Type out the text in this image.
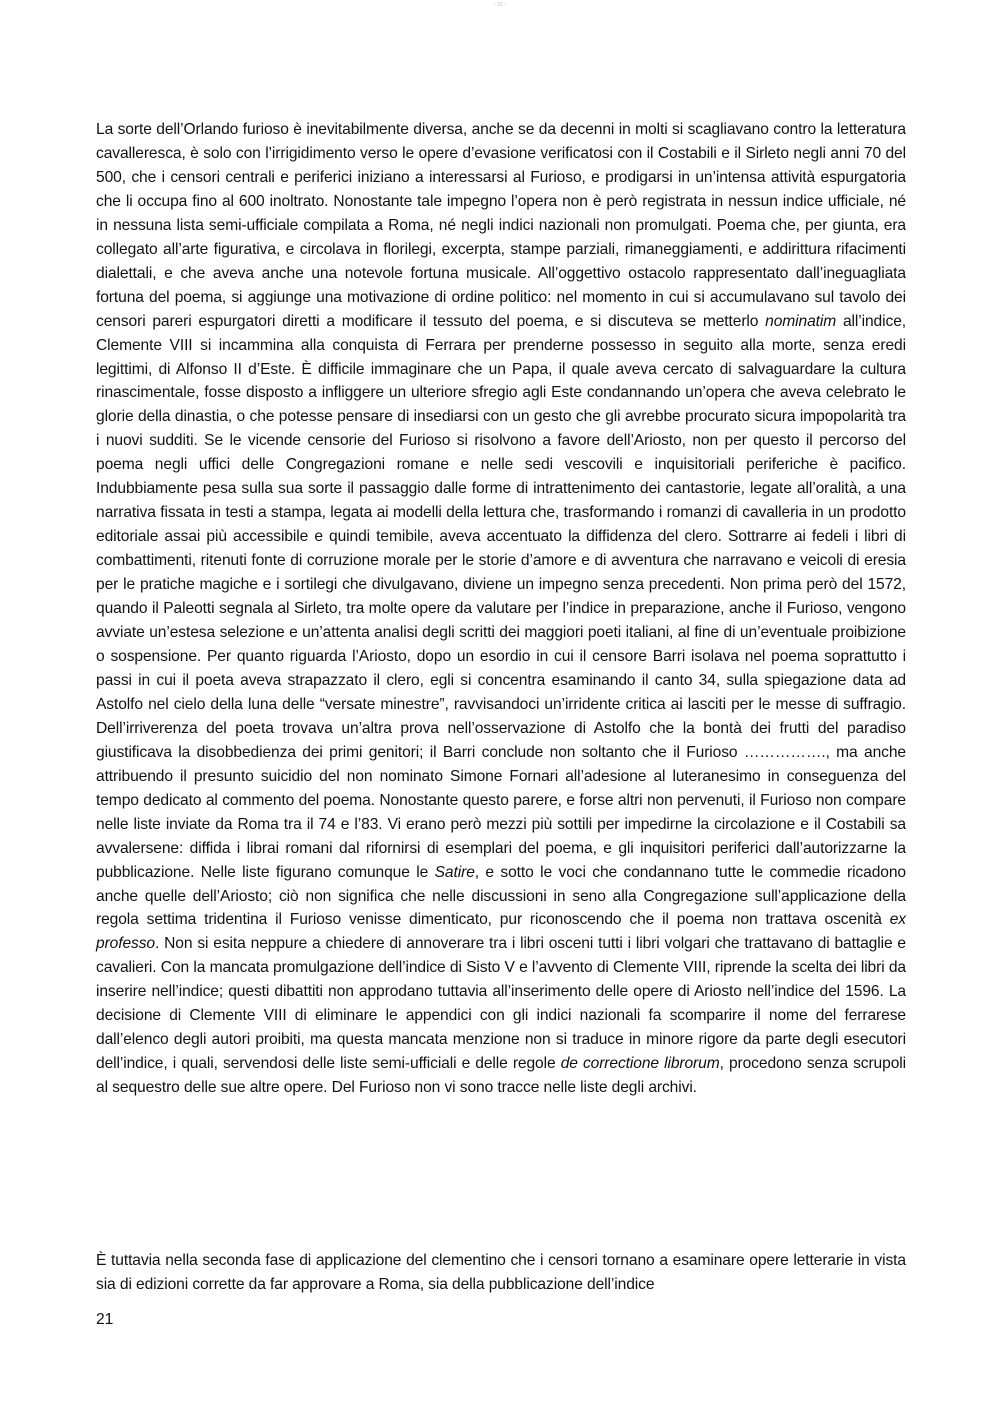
– 21 –

La sorte dell’Orlando furioso è inevitabilmente diversa, anche se da decenni in molti si scagliavano contro la letteratura cavalleresca, è solo con l’irrigidimento verso le opere d’evasione verificatosi con il Costabili e il Sirleto negli anni 70 del 500, che i censori centrali e periferici iniziano a interessarsi al Furioso, e prodigarsi in un’intensa attività espurgatoria che li occupa fino al 600 inoltrato. Nonostante tale impegno l’opera non è però registrata in nessun indice ufficiale, né in nessuna lista semi-ufficiale compilata a Roma, né negli indici nazionali non promulgati. Poema che, per giunta, era collegato all’arte figurativa, e circolava in florilegi, excerpta, stampe parziali, rimaneggiamenti, e addirittura rifacimenti dialettali, e che aveva anche una notevole fortuna musicale. All’oggettivo ostacolo rappresentato dall’ineguagliata fortuna del poema, si aggiunge una motivazione di ordine politico: nel momento in cui si accumulavano sul tavolo dei censori pareri espurgatori diretti a modificare il tessuto del poema, e si discuteva se metterlo nominatim all’indice, Clemente VIII si incammina alla conquista di Ferrara per prenderne possesso in seguito alla morte, senza eredi legittimi, di Alfonso II d’Este. È difficile immaginare che un Papa, il quale aveva cercato di salvaguardare la cultura rinascimentale, fosse disposto a infliggere un ulteriore sfregio agli Este condannando un’opera che aveva celebrato le glorie della dinastia, o che potesse pensare di insediarsi con un gesto che gli avrebbe procurato sicura impopolarità tra i nuovi sudditi. Se le vicende censorie del Furioso si risolvono a favore dell’Ariosto, non per questo il percorso del poema negli uffici delle Congregazioni romane e nelle sedi vescovili e inquisitoriali periferiche è pacifico. Indubbiamente pesa sulla sua sorte il passaggio dalle forme di intrattenimento dei cantastorie, legate all’oralità, a una narrativa fissata in testi a stampa, legata ai modelli della lettura che, trasformando i romanzi di cavalleria in un prodotto editoriale assai più accessibile e quindi temibile, aveva accentuato la diffidenza del clero. Sottrarre ai fedeli i libri di combattimenti, ritenuti fonte di corruzione morale per le storie d’amore e di avventura che narravano e veicoli di eresia per le pratiche magiche e i sortilegi che divulgavano, diviene un impegno senza precedenti. Non prima però del 1572, quando il Paleotti segnala al Sirleto, tra molte opere da valutare per l’indice in preparazione, anche il Furioso, vengono avviate un’estesa selezione e un’attenta analisi degli scritti dei maggiori poeti italiani, al fine di un’eventuale proibizione o sospensione. Per quanto riguarda l’Ariosto, dopo un esordio in cui il censore Barri isolava nel poema soprattutto i passi in cui il poeta aveva strapazzato il clero, egli si concentra esaminando il canto 34, sulla spiegazione data ad Astolfo nel cielo della luna delle “versate minestre”, ravvisandoci un’irridente critica ai lasciti per le messe di suffragio. Dell’irriverenza del poeta trovava un’altra prova nell’osservazione di Astolfo che la bontà dei frutti del paradiso giustificava la disobbedienza dei primi genitori; il Barri conclude non soltanto che il Furioso ……………., ma anche attribuendo il presunto suicidio del non nominato Simone Fornari all’adesione al luteranesimo in conseguenza del tempo dedicato al commento del poema. Nonostante questo parere, e forse altri non pervenuti, il Furioso non compare nelle liste inviate da Roma tra il 74 e l’83. Vi erano però mezzi più sottili per impedirne la circolazione e il Costabili sa avvalersene: diffida i librai romani dal rifornirsi di esemplari del poema, e gli inquisitori periferici dall’autorizzarne la pubblicazione. Nelle liste figurano comunque le Satire, e sotto le voci che condannano tutte le commedie ricadono anche quelle dell’Ariosto; ciò non significa che nelle discussioni in seno alla Congregazione sull’applicazione della regola settima tridentina il Furioso venisse dimenticato, pur riconoscendo che il poema non trattava oscenità ex professo. Non si esita neppure a chiedere di annoverare tra i libri osceni tutti i libri volgari che trattavano di battaglie e cavalieri. Con la mancata promulgazione dell’indice di Sisto V e l’avvento di Clemente VIII, riprende la scelta dei libri da inserire nell’indice; questi dibattiti non approdano tuttavia all’inserimento delle opere di Ariosto nell’indice del 1596. La decisione di Clemente VIII di eliminare le appendici con gli indici nazionali fa scomparire il nome del ferrarese dall’elenco degli autori proibiti, ma questa mancata menzione non si traduce in minore rigore da parte degli esecutori dell’indice, i quali, servendosi delle liste semi-ufficiali e delle regole de correctione librorum, procedono senza scrupoli al sequestro delle sue altre opere. Del Furioso non vi sono tracce nelle liste degli archivi.

È tuttavia nella seconda fase di applicazione del clementino che i censori tornano a esaminare opere letterarie in vista sia di edizioni corrette da far approvare a Roma, sia della pubblicazione dell’indice

21
